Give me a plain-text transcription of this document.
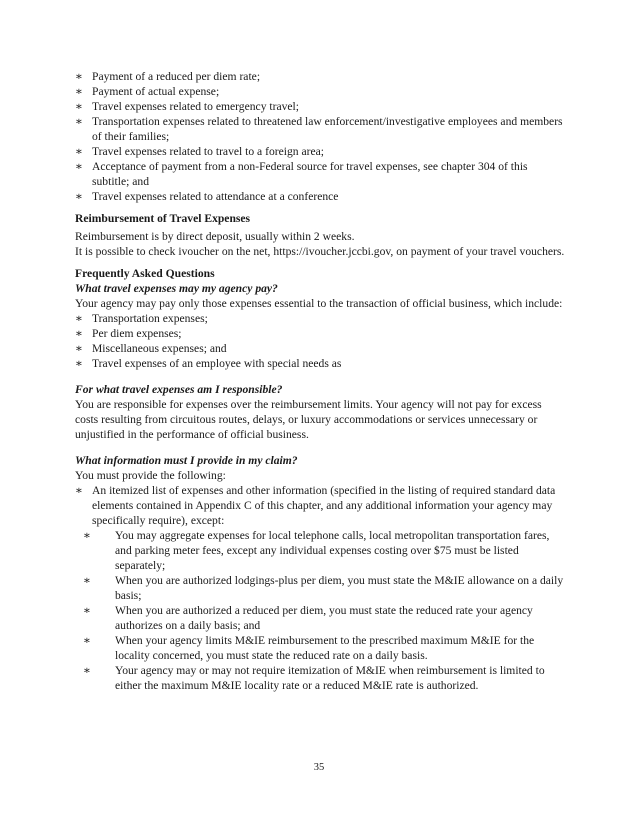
∗ Payment of a reduced per diem rate;
∗ Payment of actual expense;
∗ Travel expenses related to emergency travel;
∗ Transportation expenses related to threatened law enforcement/investigative employees and members of their families;
∗ Travel expenses related to travel to a foreign area;
∗ Acceptance of payment from a non-Federal source for travel expenses, see chapter 304 of this subtitle; and
∗ Travel expenses related to attendance at a conference
Reimbursement of Travel Expenses
Reimbursement is by direct deposit, usually within 2 weeks.
It is possible to check ivoucher on the net, https://ivoucher.jccbi.gov, on payment of your travel vouchers.
Frequently Asked Questions
What travel expenses may my agency pay?
Your agency may pay only those expenses essential to the transaction of official business, which include:
∗ Transportation expenses;
∗ Per diem expenses;
∗ Miscellaneous expenses; and
∗ Travel expenses of an employee with special needs as
For what travel expenses am I responsible?
You are responsible for expenses over the reimbursement limits. Your agency will not pay for excess costs resulting from circuitous routes, delays, or luxury accommodations or services unnecessary or unjustified in the performance of official business.
What information must I provide in my claim?
You must provide the following:
∗ An itemized list of expenses and other information (specified in the listing of required standard data elements contained in Appendix C of this chapter, and any additional information your agency may specifically require), except:
∗ You may aggregate expenses for local telephone calls, local metropolitan transportation fares, and parking meter fees, except any individual expenses costing over $75 must be listed separately;
∗ When you are authorized lodgings-plus per diem, you must state the M&IE allowance on a daily basis;
∗ When you are authorized a reduced per diem, you must state the reduced rate your agency authorizes on a daily basis; and
∗ When your agency limits M&IE reimbursement to the prescribed maximum M&IE for the locality concerned, you must state the reduced rate on a daily basis.
∗ Your agency may or may not require itemization of M&IE when reimbursement is limited to either the maximum M&IE locality rate or a reduced M&IE rate is authorized.
35
